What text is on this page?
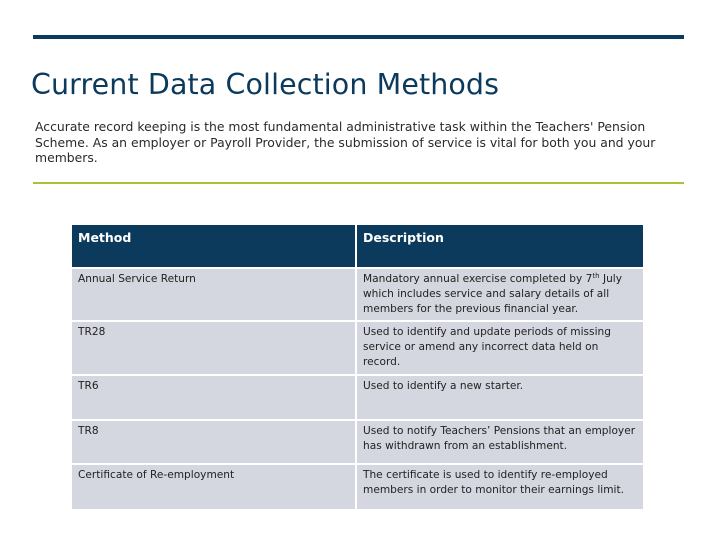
Current Data Collection Methods
Accurate record keeping is the most fundamental administrative task within the Teachers' Pension Scheme. As an employer or Payroll Provider, the submission of service is vital for both you and your members.
Method	Description
Annual Service Return	Mandatory annual exercise completed by 7th July which includes service and salary details of all members for the previous financial year.
TR28	Used to identify and update periods of missing service or amend any incorrect data held on record.
TR6	Used to identify a new starter.
TR8	Used to notify Teachers’ Pensions that an employer has withdrawn from an establishment.
Certificate of Re-employment	The certificate is used to identify re-employed members in order to monitor their earnings limit.
